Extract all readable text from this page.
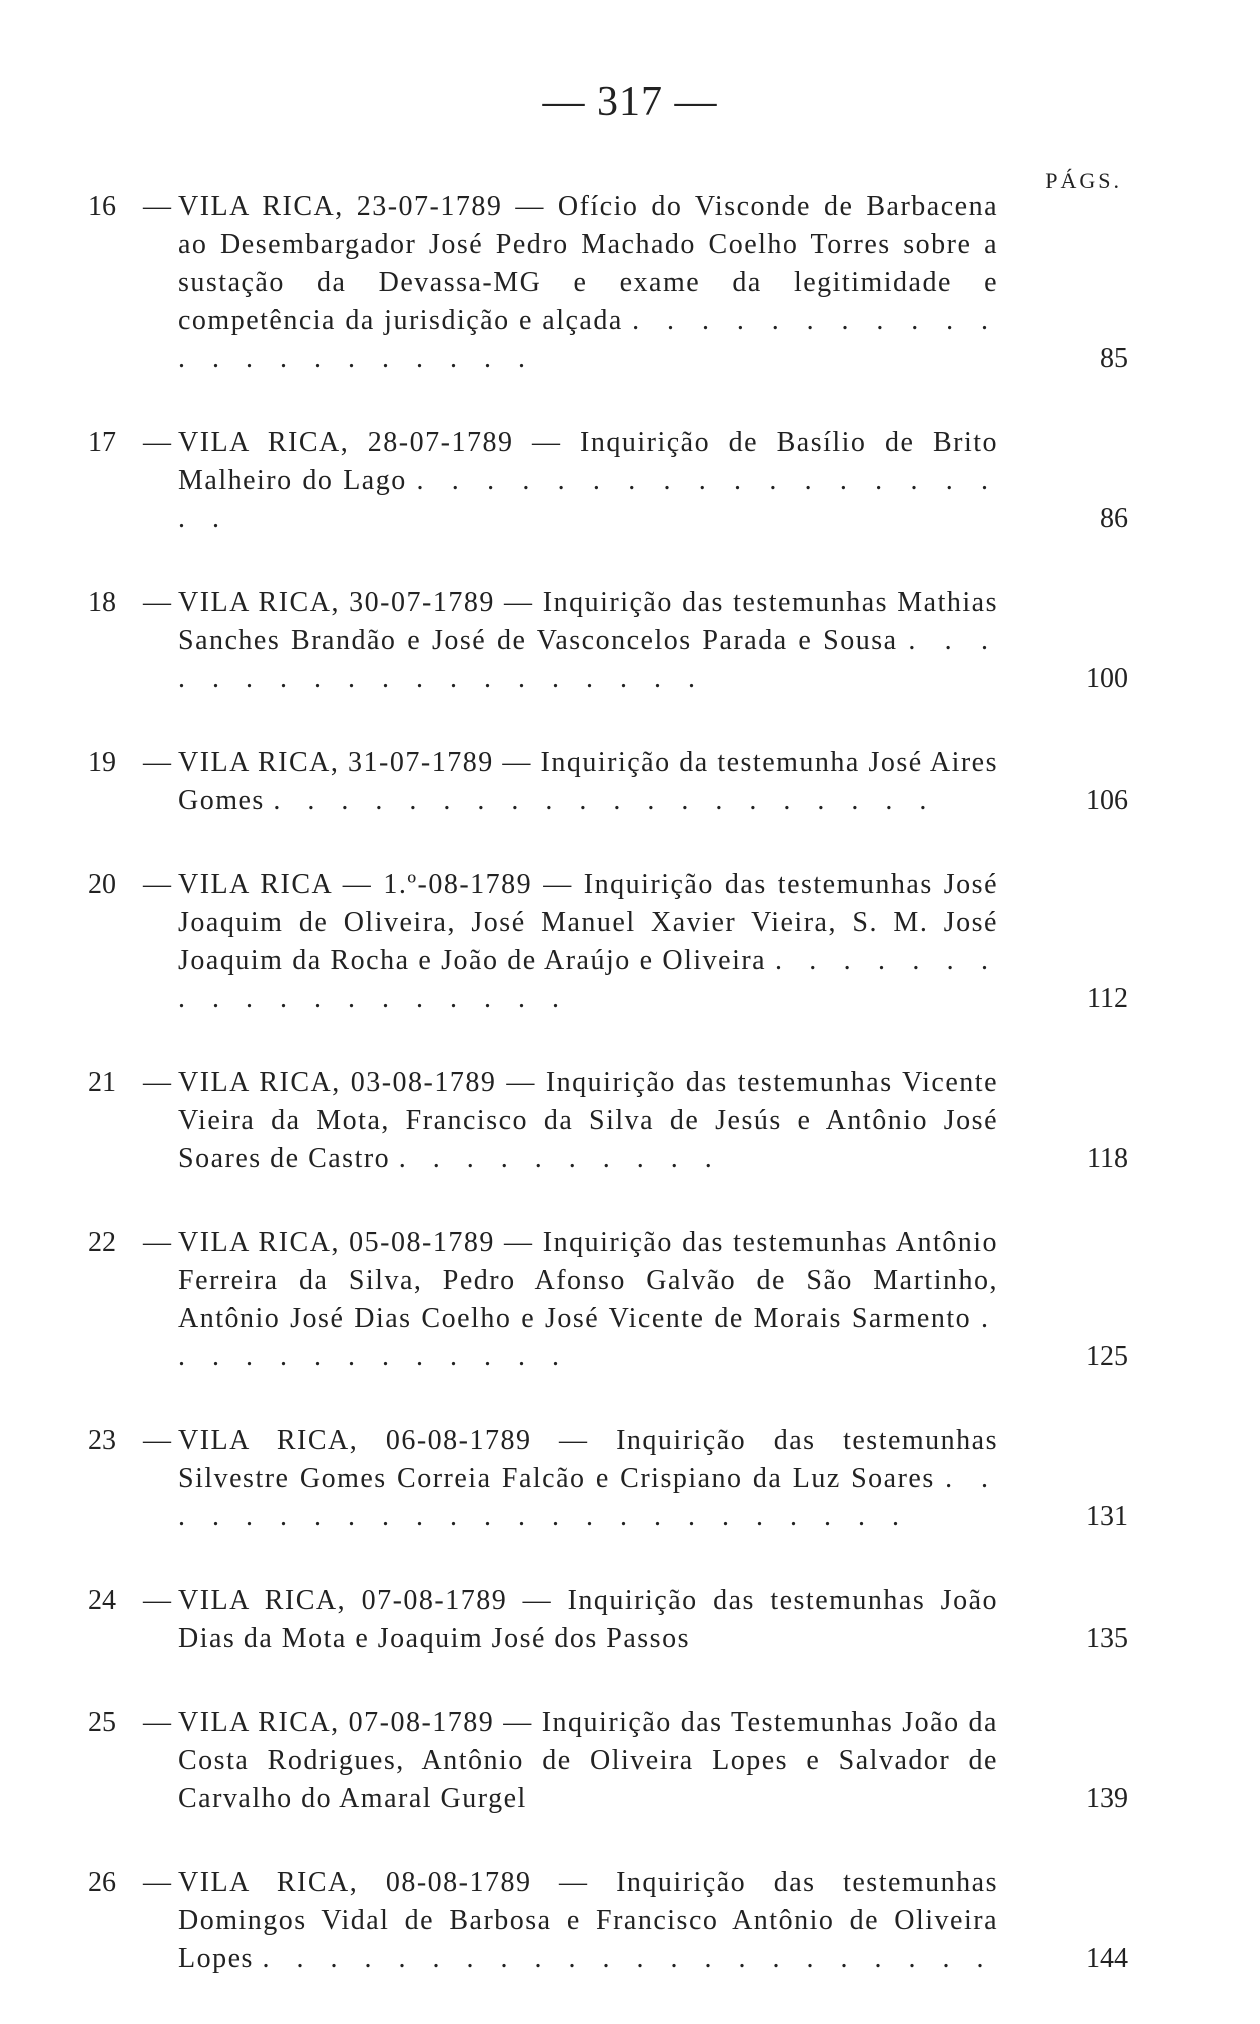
— 317 —
PÁGS.
16 — VILA RICA, 23-07-1789 — Ofício do Visconde de Barbacena ao Desembargador José Pedro Machado Coelho Torres sobre a sustação da Devassa-MG e exame da legitimidade e competência da jurisdição e alçada . . . . . . . . . . . . . . . . . . . . . .	85
17 — VILA RICA, 28-07-1789 — Inquirição de Basílio de Brito Malheiro do Lago . . . . . . . . . . . . . . . . . . .	86
18 — VILA RICA, 30-07-1789 — Inquirição das testemunhas Mathias Sanches Brandão e José de Vasconcelos Parada e Sousa . . . . . . . . . . . . . . . . . . .	100
19 — VILA RICA, 31-07-1789 — Inquirição da testemunha José Aires Gomes . . . . . . . . . . . . . . . . . . . .	106
20 — VILA RICA — 1.º-08-1789 — Inquirição das testemunhas José Joaquim de Oliveira, José Manuel Xavier Vieira, S. M. José Joaquim da Rocha e João de Araújo e Oliveira . . . . . . . . . . . . . . . . . . .	112
21 — VILA RICA, 03-08-1789 — Inquirição das testemunhas Vicente Vieira da Mota, Francisco da Silva de Jesús e Antônio José Soares de Castro . . . . . . . . . .	118
22 — VILA RICA, 05-08-1789 — Inquirição das testemunhas Antônio Ferreira da Silva, Pedro Afonso Galvão de São Martinho, Antônio José Dias Coelho e José Vicente de Morais Sarmento . . . . . . . . . . . . .	125
23 — VILA RICA, 06-08-1789 — Inquirição das testemunhas Silvestre Gomes Correia Falcão e Crispiano da Luz Soares . . . . . . . . . . . . . . . . . . . . . . . .	131
24 — VILA RICA, 07-08-1789 — Inquirição das testemunhas João Dias da Mota e Joaquim José dos Passos	135
25 — VILA RICA, 07-08-1789 — Inquirição das Testemunhas João da Costa Rodrigues, Antônio de Oliveira Lopes e Salvador de Carvalho do Amaral Gurgel	139
26 — VILA RICA, 08-08-1789 — Inquirição das testemunhas Domingos Vidal de Barbosa e Francisco Antônio de Oliveira Lopes . . . . . . . . . . . . . . . . . . . . . .	144
